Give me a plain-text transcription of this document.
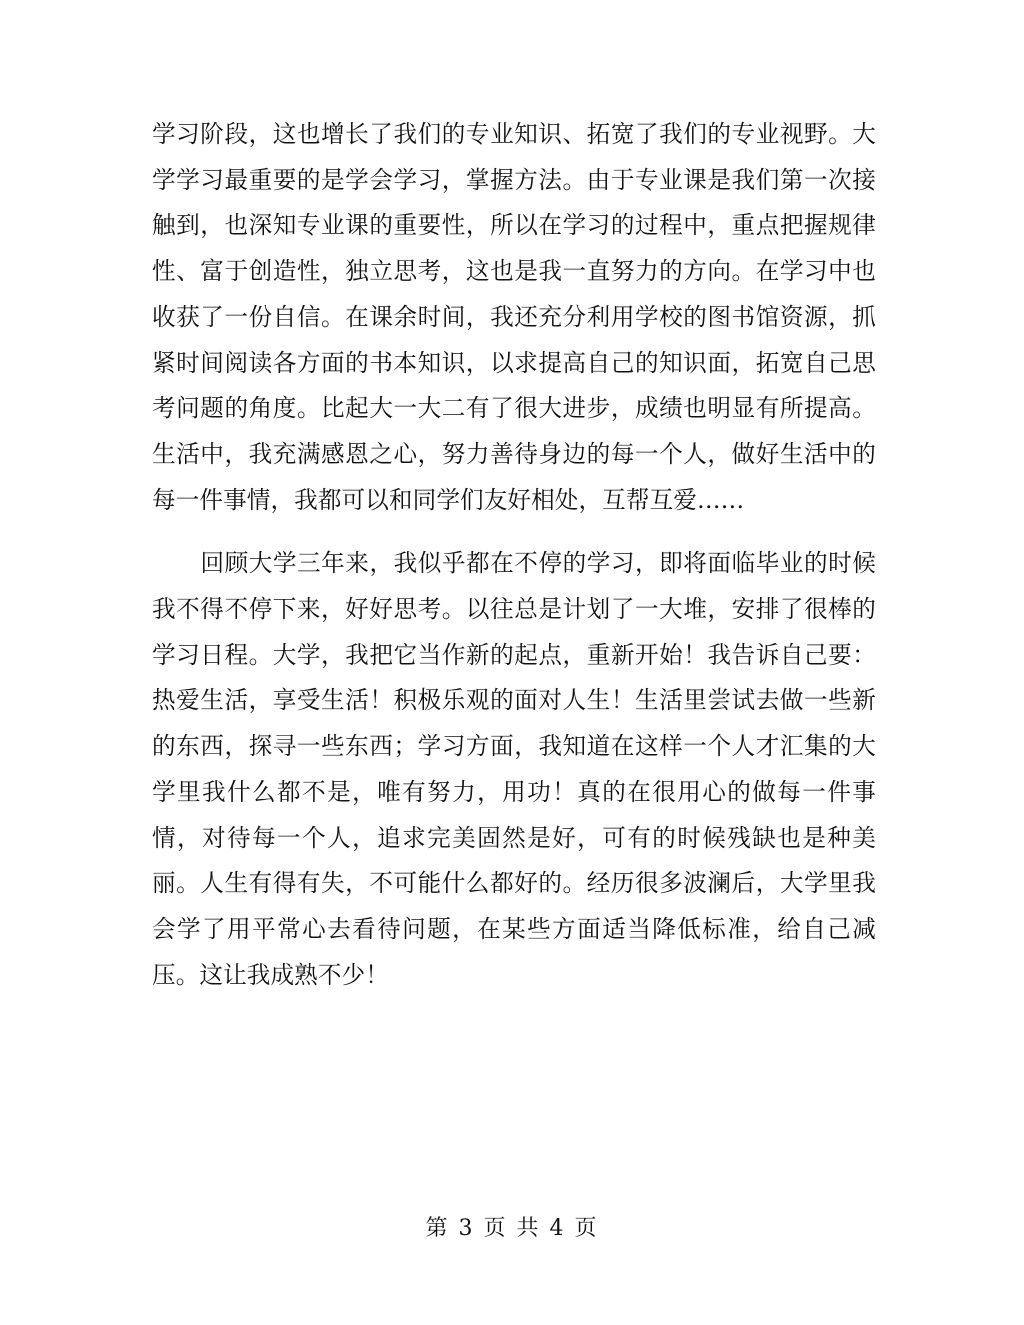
学习阶段，这也增长了我们的专业知识、拓宽了我们的专业视野。大学学习最重要的是学会学习，掌握方法。由于专业课是我们第一次接触到，也深知专业课的重要性，所以在学习的过程中，重点把握规律性、富于创造性，独立思考，这也是我一直努力的方向。在学习中也收获了一份自信。在课余时间，我还充分利用学校的图书馆资源，抓紧时间阅读各方面的书本知识，以求提高自己的知识面，拓宽自己思考问题的角度。比起大一大二有了很大进步，成绩也明显有所提高。生活中，我充满感恩之心，努力善待身边的每一个人，做好生活中的每一件事情，我都可以和同学们友好相处，互帮互爱……

回顾大学三年来，我似乎都在不停的学习，即将面临毕业的时候我不得不停下来，好好思考。以往总是计划了一大堆，安排了很棒的学习日程。大学，我把它当作新的起点，重新开始！我告诉自己要：热爱生活，享受生活！积极乐观的面对人生！生活里尝试去做一些新的东西，探寻一些东西；学习方面，我知道在这样一个人才汇集的大学里我什么都不是，唯有努力，用功！真的在很用心的做每一件事情，对待每一个人，追求完美固然是好，可有的时候残缺也是种美丽。人生有得有失，不可能什么都好的。经历很多波澜后，大学里我会学了用平常心去看待问题，在某些方面适当降低标准，给自己减压。这让我成熟不少！

第 3 页 共 4 页
